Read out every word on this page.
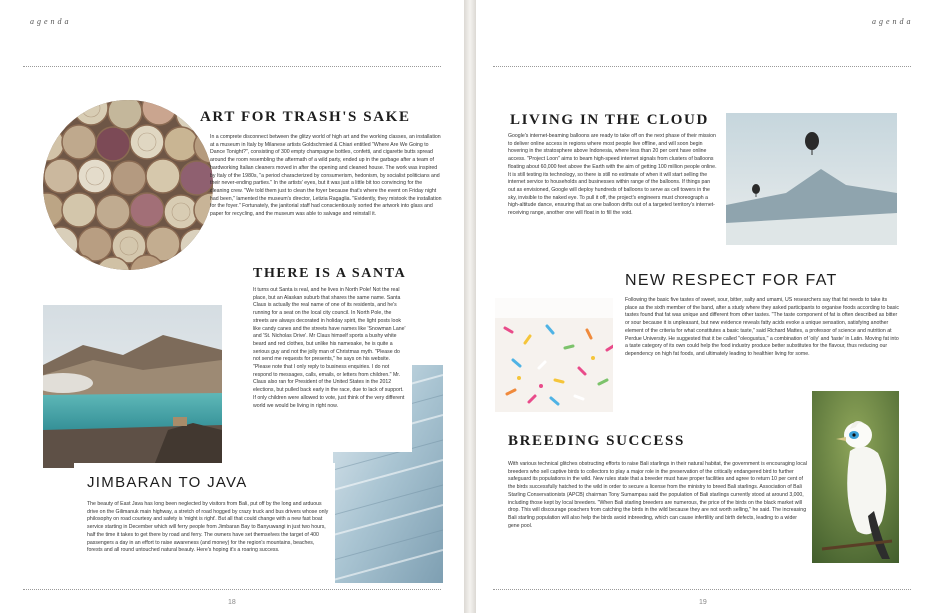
agenda
ART FOR TRASH'S SAKE

In a comprete disconnect between the glitzy world of high art and the working classes, an installation at a museum in Italy by Milanese artists Goldschmied & Chiari entitled "Where Are We Going to Dance Tonight?", consisting of 300 empty champagne bottles, confetti, and cigarette butts spread around the room resembling the aftermath of a wild party, ended up in the garbage after a team of hardworking Italian cleaners moved in after the opening and cleaned house. The work was inspired by Italy of the 1980s, "a period characterized by consumerism, hedonism, by socialist politicians and their never-ending parties." In the artists' eyes, but it was just a little bit too convincing for the cleaning crew. "We told them just to clean the foyer because that's where the event on Friday night had been," lamented the museum's director, Letizia Ragaglia. "Evidently, they mistook the installation for the foyer." Fortunately, the janitorial staff had conscientiously sorted the artwork into glass and paper for recycling, and the museum was able to salvage and reinstall it.

THERE IS A SANTA

It turns out Santa is real, and he lives in North Pole! Not the real place, but an Alaskan suburb that shares the same name. Santa Claus is actually the real name of one of its residents, and he's running for a seat on the local city council. In North Pole, the streets are always decorated in holiday spirit, the light posts look like candy canes and the streets have names like 'Snowman Lane' and 'St. Nicholas Drive'. Mr Claus himself sports a bushy white beard and red clothes, but unlike his namesake, he is quite a serious guy and not the jolly man of Christmas myth. "Please do not send me requests for presents," he says on his website. "Please note that I only reply to business enquiries. I do not respond to messages, calls, emails, or letters from children." Mr. Claus also ran for President of the United States in the 2012 elections, but pulled back early in the race, due to lack of support. If only children were allowed to vote, just think of the very different world we would be living in right now.

JIMBARAN TO JAVA

The beauty of East Java has long been neglected by visitors from Bali, put off by the long and arduous drive on the Gilimanuk main highway, a stretch of road hogged by crazy truck and bus drivers whose only philosophy on road courtesy and safety is 'might is right'. But all that could change with a new fast boat service starting in December which will ferry people from Jimbaran Bay to Banyuwangi in just two hours, half the time it takes to get there by road and ferry. The owners have set themselves the target of 400 passengers a day in an effort to raise awareness (and money) for the region's mountains, beaches, forests and all round untouched natural beauty. Here's hoping it's a roaring success.

18
agenda
LIVING IN THE CLOUD

Google's internet-beaming balloons are ready to take off on the next phase of their mission to deliver online access in regions where most people live offline, and will soon begin hovering in the stratosphere above Indonesia, where less than 20 per cent have online access. "Project Loon" aims to beam high-speed internet signals from clusters of balloons floating about 60,000 feet above the Earth with the aim of getting 100 million people online. It is still testing its technology, so there is still no estimate of when it will start selling the internet service to households and businesses within range of the balloons. If things pan out as envisioned, Google will deploy hundreds of balloons to serve as cell towers in the sky, invisible to the naked eye. To pull it off, the project's engineers must choreograph a high-altitude dance, ensuring that as one balloon drifts out of a targeted territory's internet-receiving range, another one will float in to fill the void.

NEW RESPECT FOR FAT

Following the basic five tastes of sweet, sour, bitter, salty and umami, US researchers say that fat needs to take its place as the sixth member of the band, after a study where they asked participants to organise foods according to basic tastes found that fat was unique and different from other tastes. "The taste component of fat is often described as bitter or sour because it is unpleasant, but new evidence reveals fatty acids evoke a unique sensation, satisfying another element of the criteria for what constitutes a basic taste," said Richard Mattes, a professor of science and nutrition at Perdue University. He suggested that it be called "oleogustus," a combination of 'oily' and 'taste' in Latin. Moving fat into a taste category of its own could help the food industry produce better substitutes for the flavour, thus reducing our dependency on high fat foods, and ultimately leading to healthier living for some.

BREEDING SUCCESS

With various technical glitches obstructing efforts to raise Bali starlings in their natural habitat, the government is encouraging local breeders who sell captive birds to collectors to play a major role in the preservation of the critically endangered bird to further safeguard its populations in the wild. New rules state that a breeder must have proper facilities and agree to return 10 per cent of the birds successfully hatched to the wild in order to secure a license from the ministry to breed Bali starlings. Association of Bali Starling Conservationists (APCB) chairman Tony Sumampau said the population of Bali starlings currently stood at around 3,000, including those kept by local breeders. "When Bali starling breeders are numerous, the price of the birds on the black market will drop. This will discourage poachers from catching the birds in the wild because they are not worth selling," he said. The increasing Bali starling population will also help the birds avoid inbreeding, which can cause infertility and birth defects, leading to a wider gene pool.

19
